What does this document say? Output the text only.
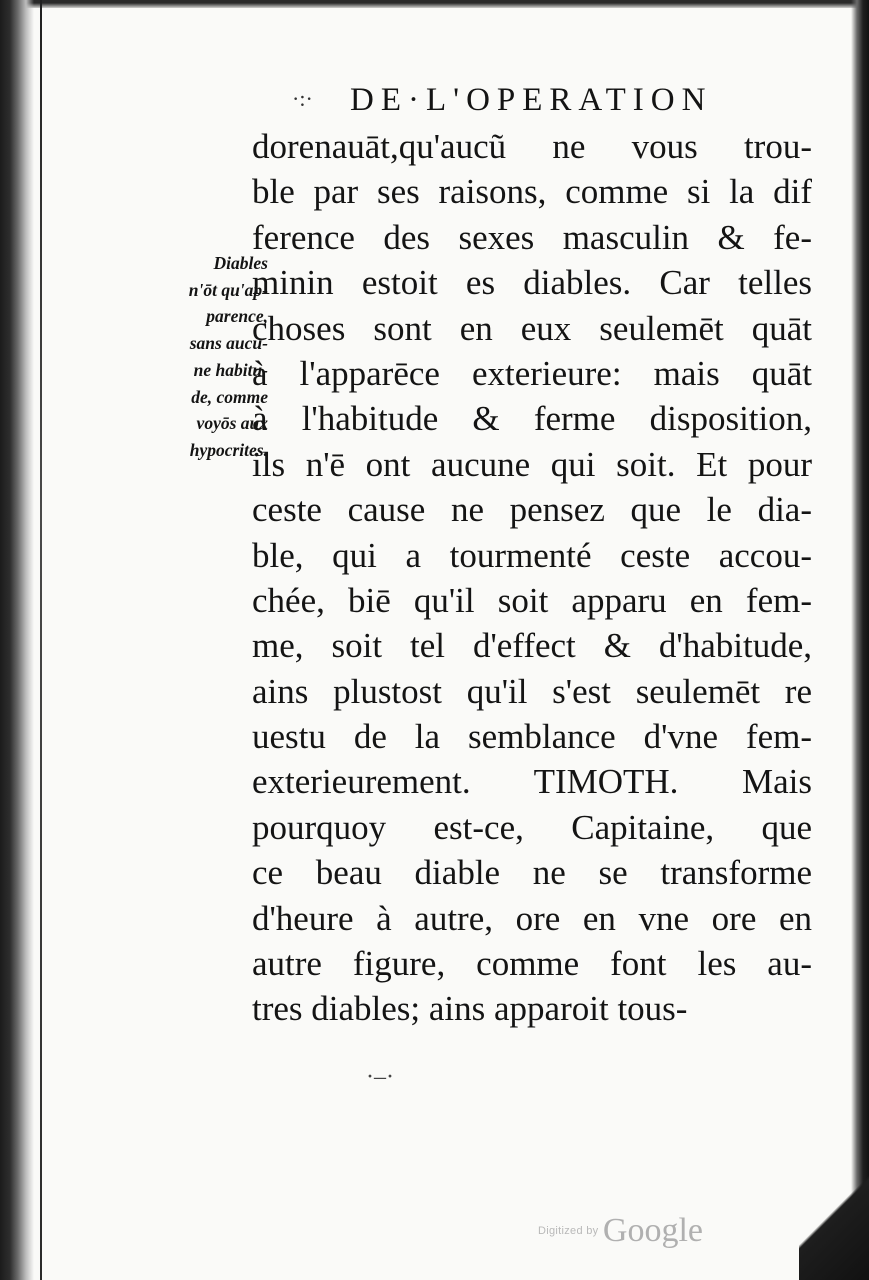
·:· DE·L'OPERATION
Diables
n'ōt qu'ap-
parence,
sans aucu-
ne habitu-
de, comme
voyōs aux
hypocrites.
dorenauāt,qu'aucũ ne vous trou-
ble par ses raisons, comme si la dif
ference des sexes masculin & fe-
minin estoit es diables. Car telles
choses sont en eux seulemēt quāt
à l'apparēce exterieure: mais quāt
à l'habitude & ferme disposition,
ils n'ē ont aucune qui soit. Et pour
ceste cause ne pensez que le dia-
ble, qui a tourmenté ceste accou-
chée, biē qu'il soit apparu en fem-
me, soit tel d'effect & d'habitude,
ains plustost qu'il s'est seulemēt re
uestu de la semblance d'vne fem-
exterieurement. TIMOTH. Mais
pourquoy est-ce, Capitaine, que
ce beau diable ne se transforme
d'heure à autre, ore en vne ore en
autre figure, comme font les au-
tres diables; ains apparoit tous-
·–·
Digitized by Google
